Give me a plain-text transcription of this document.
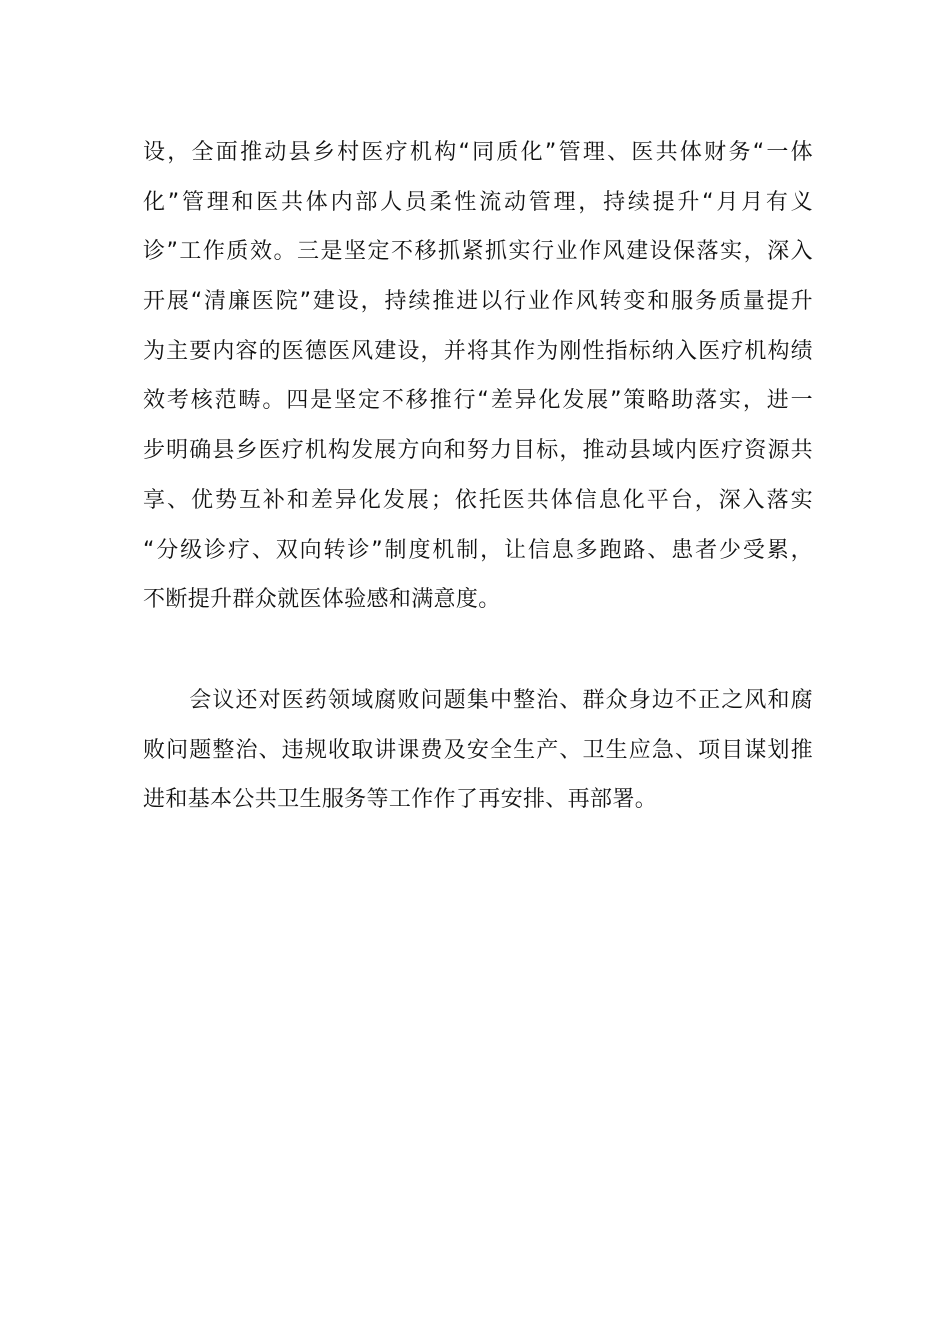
设，全面推动县乡村医疗机构“同质化”管理、医共体财务“一体
化”管理和医共体内部人员柔性流动管理，持续提升“月月有义
诊”工作质效。三是坚定不移抓紧抓实行业作风建设保落实，深入
开展“清廉医院”建设，持续推进以行业作风转变和服务质量提升
为主要内容的医德医风建设，并将其作为刚性指标纳入医疗机构绩
效考核范畴。四是坚定不移推行“差异化发展”策略助落实，进一
步明确县乡医疗机构发展方向和努力目标，推动县域内医疗资源共
享、优势互补和差异化发展；依托医共体信息化平台，深入落实
“分级诊疗、双向转诊”制度机制，让信息多跑路、患者少受累，
不断提升群众就医体验感和满意度。
　　会议还对医药领域腐败问题集中整治、群众身边不正之风和腐
败问题整治、违规收取讲课费及安全生产、卫生应急、项目谋划推
进和基本公共卫生服务等工作作了再安排、再部署。
